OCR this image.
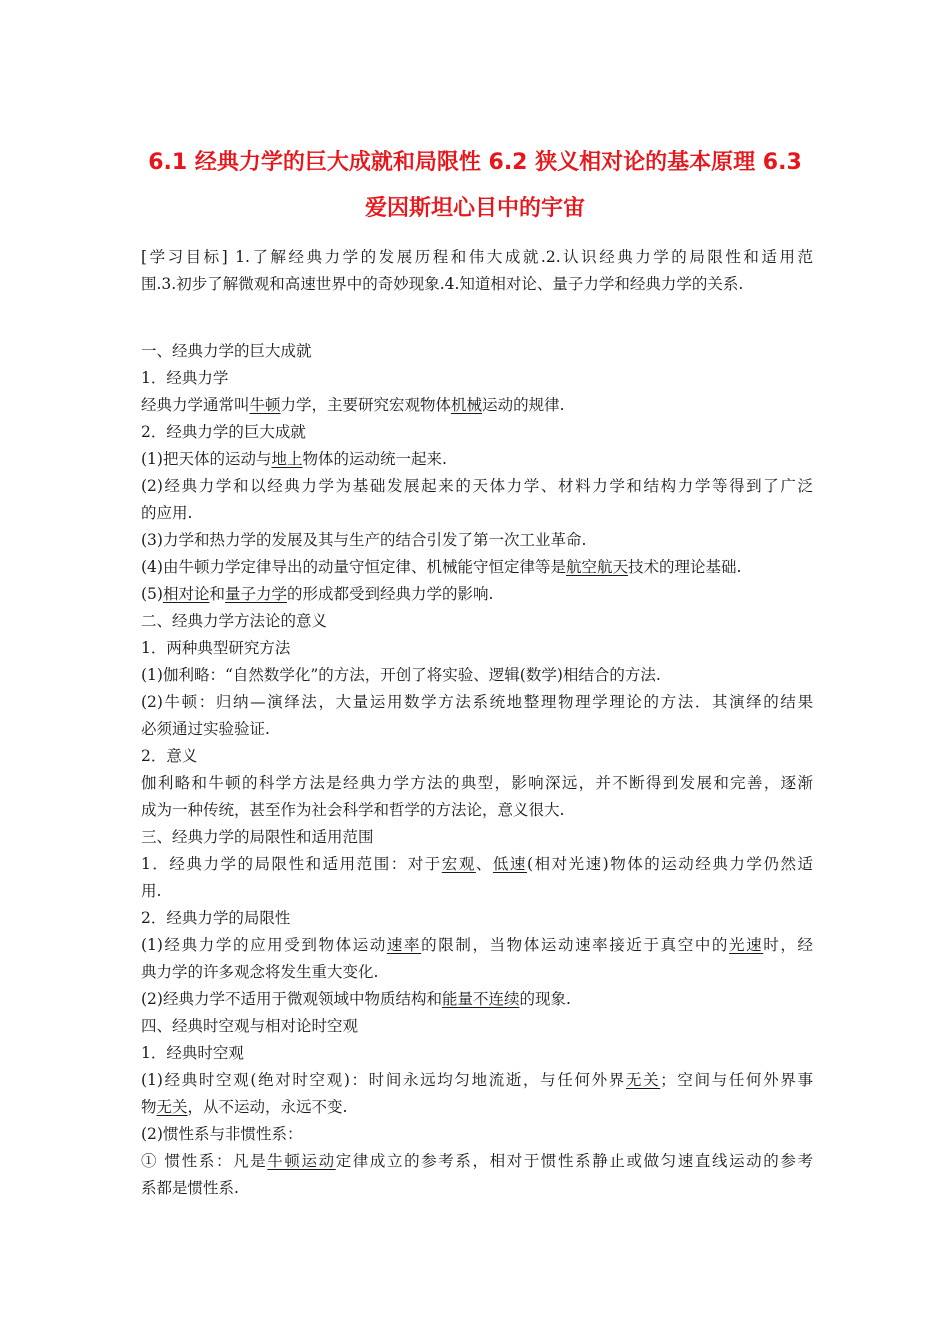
6.1 经典力学的巨大成就和局限性 6.2 狭义相对论的基本原理 6.3
爱因斯坦心目中的宇宙
[学习目标] 1.了解经典力学的发展历程和伟大成就.2.认识经典力学的局限性和适用范
围.3.初步了解微观和高速世界中的奇妙现象.4.知道相对论、量子力学和经典力学的关系.
一、经典力学的巨大成就
1．经典力学
经典力学通常叫牛顿力学，主要研究宏观物体机械运动的规律.
2．经典力学的巨大成就
(1)把天体的运动与地上物体的运动统一起来.
(2)经典力学和以经典力学为基础发展起来的天体力学、材料力学和结构力学等得到了广泛
的应用.
(3)力学和热力学的发展及其与生产的结合引发了第一次工业革命.
(4)由牛顿力学定律导出的动量守恒定律、机械能守恒定律等是航空航天技术的理论基础.
(5)相对论和量子力学的形成都受到经典力学的影响.
二、经典力学方法论的意义
1．两种典型研究方法
(1)伽利略：“自然数学化”的方法，开创了将实验、逻辑(数学)相结合的方法.
(2)牛顿：归纳—演绎法，大量运用数学方法系统地整理物理学理论的方法．其演绎的结果
必须通过实验验证.
2．意义
伽利略和牛顿的科学方法是经典力学方法的典型，影响深远，并不断得到发展和完善，逐渐
成为一种传统，甚至作为社会科学和哲学的方法论，意义很大.
三、经典力学的局限性和适用范围
1．经典力学的局限性和适用范围：对于宏观、低速(相对光速)物体的运动经典力学仍然适
用.
2．经典力学的局限性
(1)经典力学的应用受到物体运动速率的限制，当物体运动速率接近于真空中的光速时，经
典力学的许多观念将发生重大变化.
(2)经典力学不适用于微观领域中物质结构和能量不连续的现象.
四、经典时空观与相对论时空观
1．经典时空观
(1)经典时空观(绝对时空观)：时间永远均匀地流逝，与任何外界无关；空间与任何外界事
物无关，从不运动，永远不变.
(2)惯性系与非惯性系：
① 惯性系：凡是牛顿运动定律成立的参考系，相对于惯性系静止或做匀速直线运动的参考
系都是惯性系.
